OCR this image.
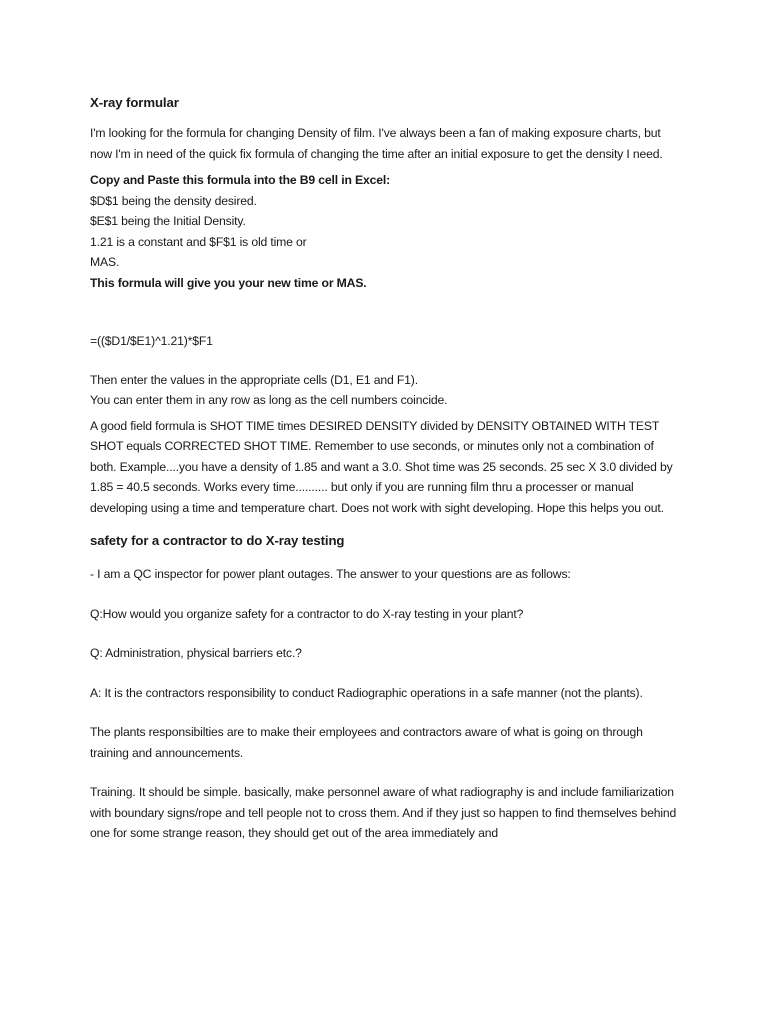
X-ray formular
I'm looking for the formula for changing Density of film. I've always been a fan of making exposure charts, but now I'm in need of the quick fix formula of changing the time after an initial exposure to get the density I need.
Copy and Paste this formula into the B9 cell in Excel:
$D$1 being the density desired.
$E$1 being the Initial Density.
1.21 is a constant and $F$1 is old time or
MAS.
This formula will give you your new time or MAS.
=(($D1/$E1)^1.21)*$F1
Then enter the values in the appropriate cells (D1, E1 and F1).
You can enter them in any row as long as the cell numbers coincide.
A good field formula is SHOT TIME times DESIRED DENSITY divided by DENSITY OBTAINED WITH TEST SHOT equals CORRECTED SHOT TIME. Remember to use seconds, or minutes only not a combination of both. Example....you have a density of 1.85 and want a 3.0. Shot time was 25 seconds. 25 sec X 3.0 divided by 1.85 = 40.5 seconds. Works every time.......... but only if you are running film thru a processer or manual developing using a time and temperature chart. Does not work with sight developing. Hope this helps you out.
safety for a contractor to do X-ray testing
- I am a QC inspector for power plant outages. The answer to your questions are as follows:
Q:How would you organize safety for a contractor to do X-ray testing in your plant?
Q: Administration, physical barriers etc.?
A: It is the contractors responsibility to conduct Radiographic operations in a safe manner (not the plants).
The plants responsibilties are to make their employees and contractors aware of what is going on through training and announcements.
Training. It should be simple. basically, make personnel aware of what radiography is and include familiarization with boundary signs/rope and tell people not to cross them. And if they just so happen to find themselves behind one for some strange reason, they should get out of the area immediately and
